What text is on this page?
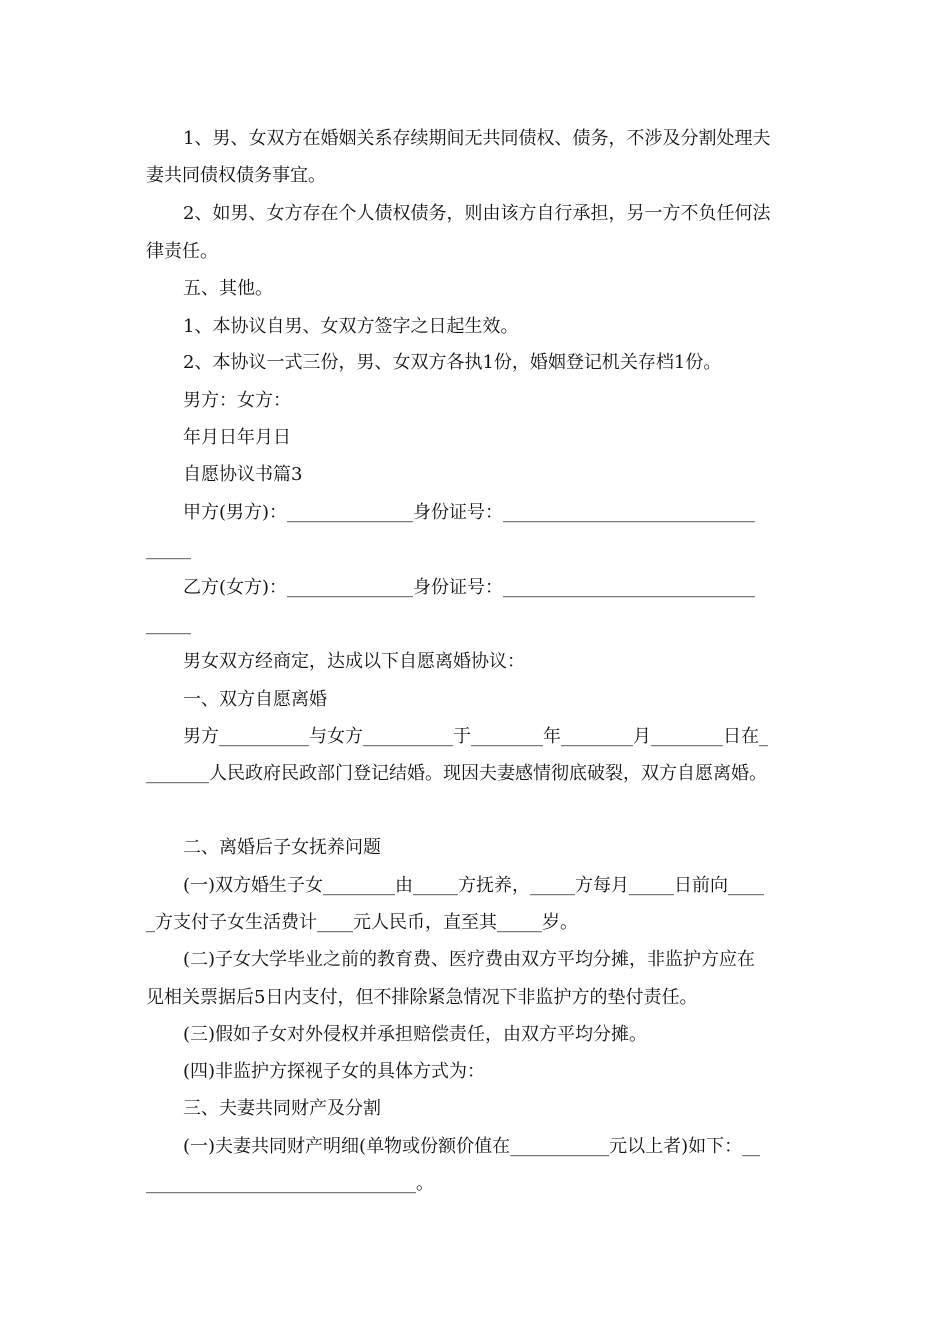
1、男、女双方在婚姻关系存续期间无共同债权、债务，不涉及分割处理夫
妻共同债权债务事宜。
2、如男、女方存在个人债权债务，则由该方自行承担，另一方不负任何法
律责任。
五、其他。
1、本协议自男、女双方签字之日起生效。
2、本协议一式三份，男、女双方各执1份，婚姻登记机关存档1份。
男方：女方：
年月日年月日
自愿协议书篇3
甲方(男方)：______________身份证号：____________________________
_____
乙方(女方)：______________身份证号：____________________________
_____
男女双方经商定，达成以下自愿离婚协议：
一、双方自愿离婚
男方__________与女方__________于________年________月________日在_
_______人民政府民政部门登记结婚。现因夫妻感情彻底破裂，双方自愿离婚。
二、离婚后子女抚养问题
(一)双方婚生子女________由_____方抚养，_____方每月_____日前向____
_方支付子女生活费计____元人民币，直至其_____岁。
(二)子女大学毕业之前的教育费、医疗费由双方平均分摊，非监护方应在
见相关票据后5日内支付，但不排除紧急情况下非监护方的垫付责任。
(三)假如子女对外侵权并承担赔偿责任，由双方平均分摊。
(四)非监护方探视子女的具体方式为：
三、夫妻共同财产及分割
(一)夫妻共同财产明细(单物或份额价值在___________元以上者)如下：__
______________________________。
